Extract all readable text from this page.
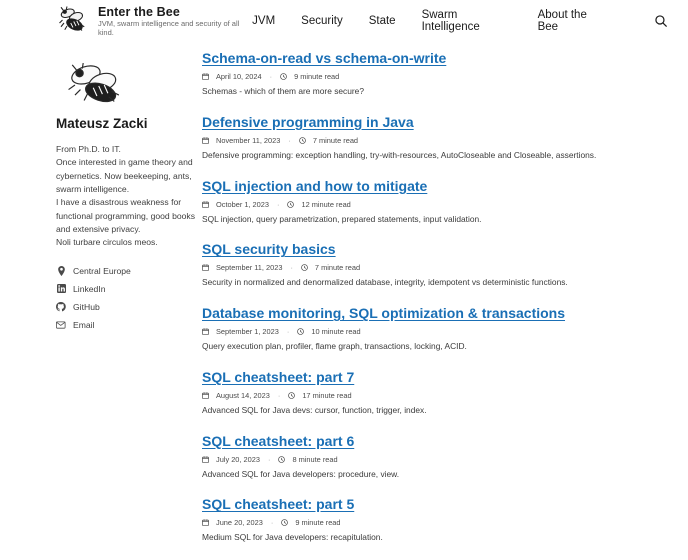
Enter the Bee
JVM, swarm intelligence and security of all kind.
JVM Security State Swarm Intelligence
About the Bee
Mateusz Zacki
From Ph.D. to IT.
Once interested in game theory and
cybernetics. Now beekeeping, ants,
swarm intelligence.
I have a disastrous weakness for
functional programming, good books
and extensive privacy.
Noli turbare circulos meos.
Central Europe
LinkedIn
GitHub
Email
Schema-on-read vs schema-on-write
April 10, 2024 ·	9 minute read
Schemas - which of them are more secure?
Defensive programming in Java
November 11, 2023 ·	7 minute read
Defensive programming: exception handling, try-with-resources, AutoCloseable and Closeable, assertions.
SQL injection and how to mitigate
October 1, 2023 ·	12 minute read
SQL injection, query parametrization, prepared statements, input validation.
SQL security basics
September 11, 2023 ·	7 minute read
Security in normalized and denormalized database, integrity, idempotent vs deterministic functions.
Database monitoring, SQL optimization & transactions
September 1, 2023 ·	10 minute read
Query execution plan, profiler, flame graph, transactions, locking, ACID.
SQL cheatsheet: part 7
August 14, 2023 ·	17 minute read
Advanced SQL for Java devs: cursor, function, trigger, index.
SQL cheatsheet: part 6
July 20, 2023 ·	8 minute read
Advanced SQL for Java developers: procedure, view.
SQL cheatsheet: part 5
June 20, 2023 ·	9 minute read
Medium SQL for Java developers: recapitulation.
